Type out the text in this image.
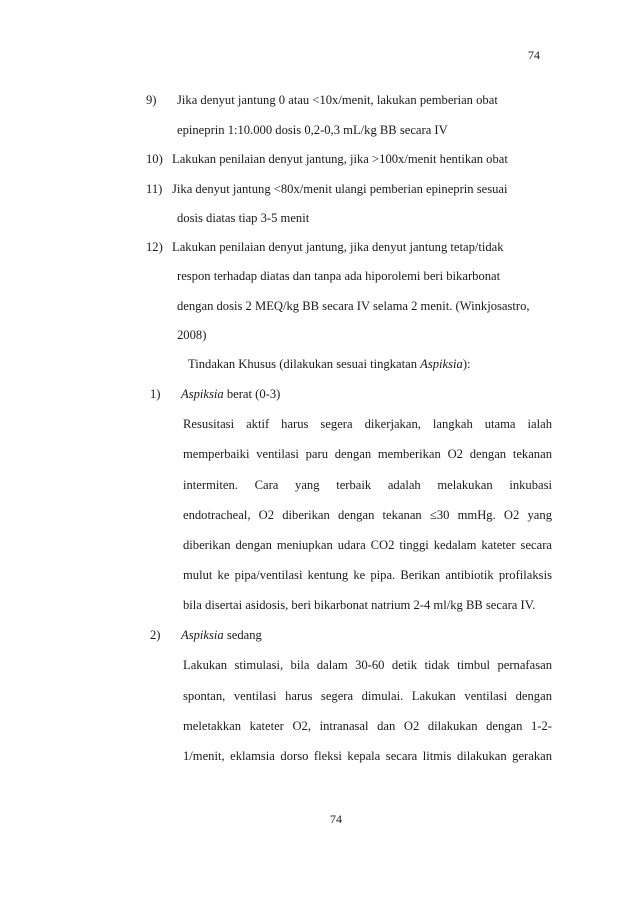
74
9) Jika denyut jantung 0 atau <10x/menit, lakukan pemberian obat
epineprin 1:10.000 dosis 0,2-0,3 mL/kg BB secara IV
10) Lakukan penilaian denyut jantung, jika >100x/menit hentikan obat
11) Jika denyut jantung <80x/menit ulangi pemberian epineprin sesuai
dosis diatas tiap 3-5 menit
12) Lakukan penilaian denyut jantung, jika denyut jantung tetap/tidak
respon terhadap diatas dan tanpa ada hiporolemi beri bikarbonat
dengan dosis 2 MEQ/kg BB secara IV selama 2 menit. (Winkjosastro,
2008)
Tindakan Khusus (dilakukan sesuai tingkatan Aspiksia):
1) Aspiksia berat (0-3)
Resusitasi aktif harus segera dikerjakan, langkah utama ialah
memperbaiki ventilasi paru dengan memberikan O2 dengan tekanan
intermiten. Cara yang terbaik adalah melakukan inkubasi
endotracheal, O2 diberikan dengan tekanan ≤30 mmHg. O2 yang
diberikan dengan meniupkan udara CO2 tinggi kedalam kateter secara
mulut ke pipa/ventilasi kentung ke pipa. Berikan antibiotik profilaksis
bila disertai asidosis, beri bikarbonat natrium 2-4 ml/kg BB secara IV.
2) Aspiksia sedang
Lakukan stimulasi, bila dalam 30-60 detik tidak timbul pernafasan
spontan, ventilasi harus segera dimulai. Lakukan ventilasi dengan
meletakkan kateter O2, intranasal dan O2 dilakukan dengan 1-2-
1/menit, eklamsia dorso fleksi kepala secara litmis dilakukan gerakan
74
